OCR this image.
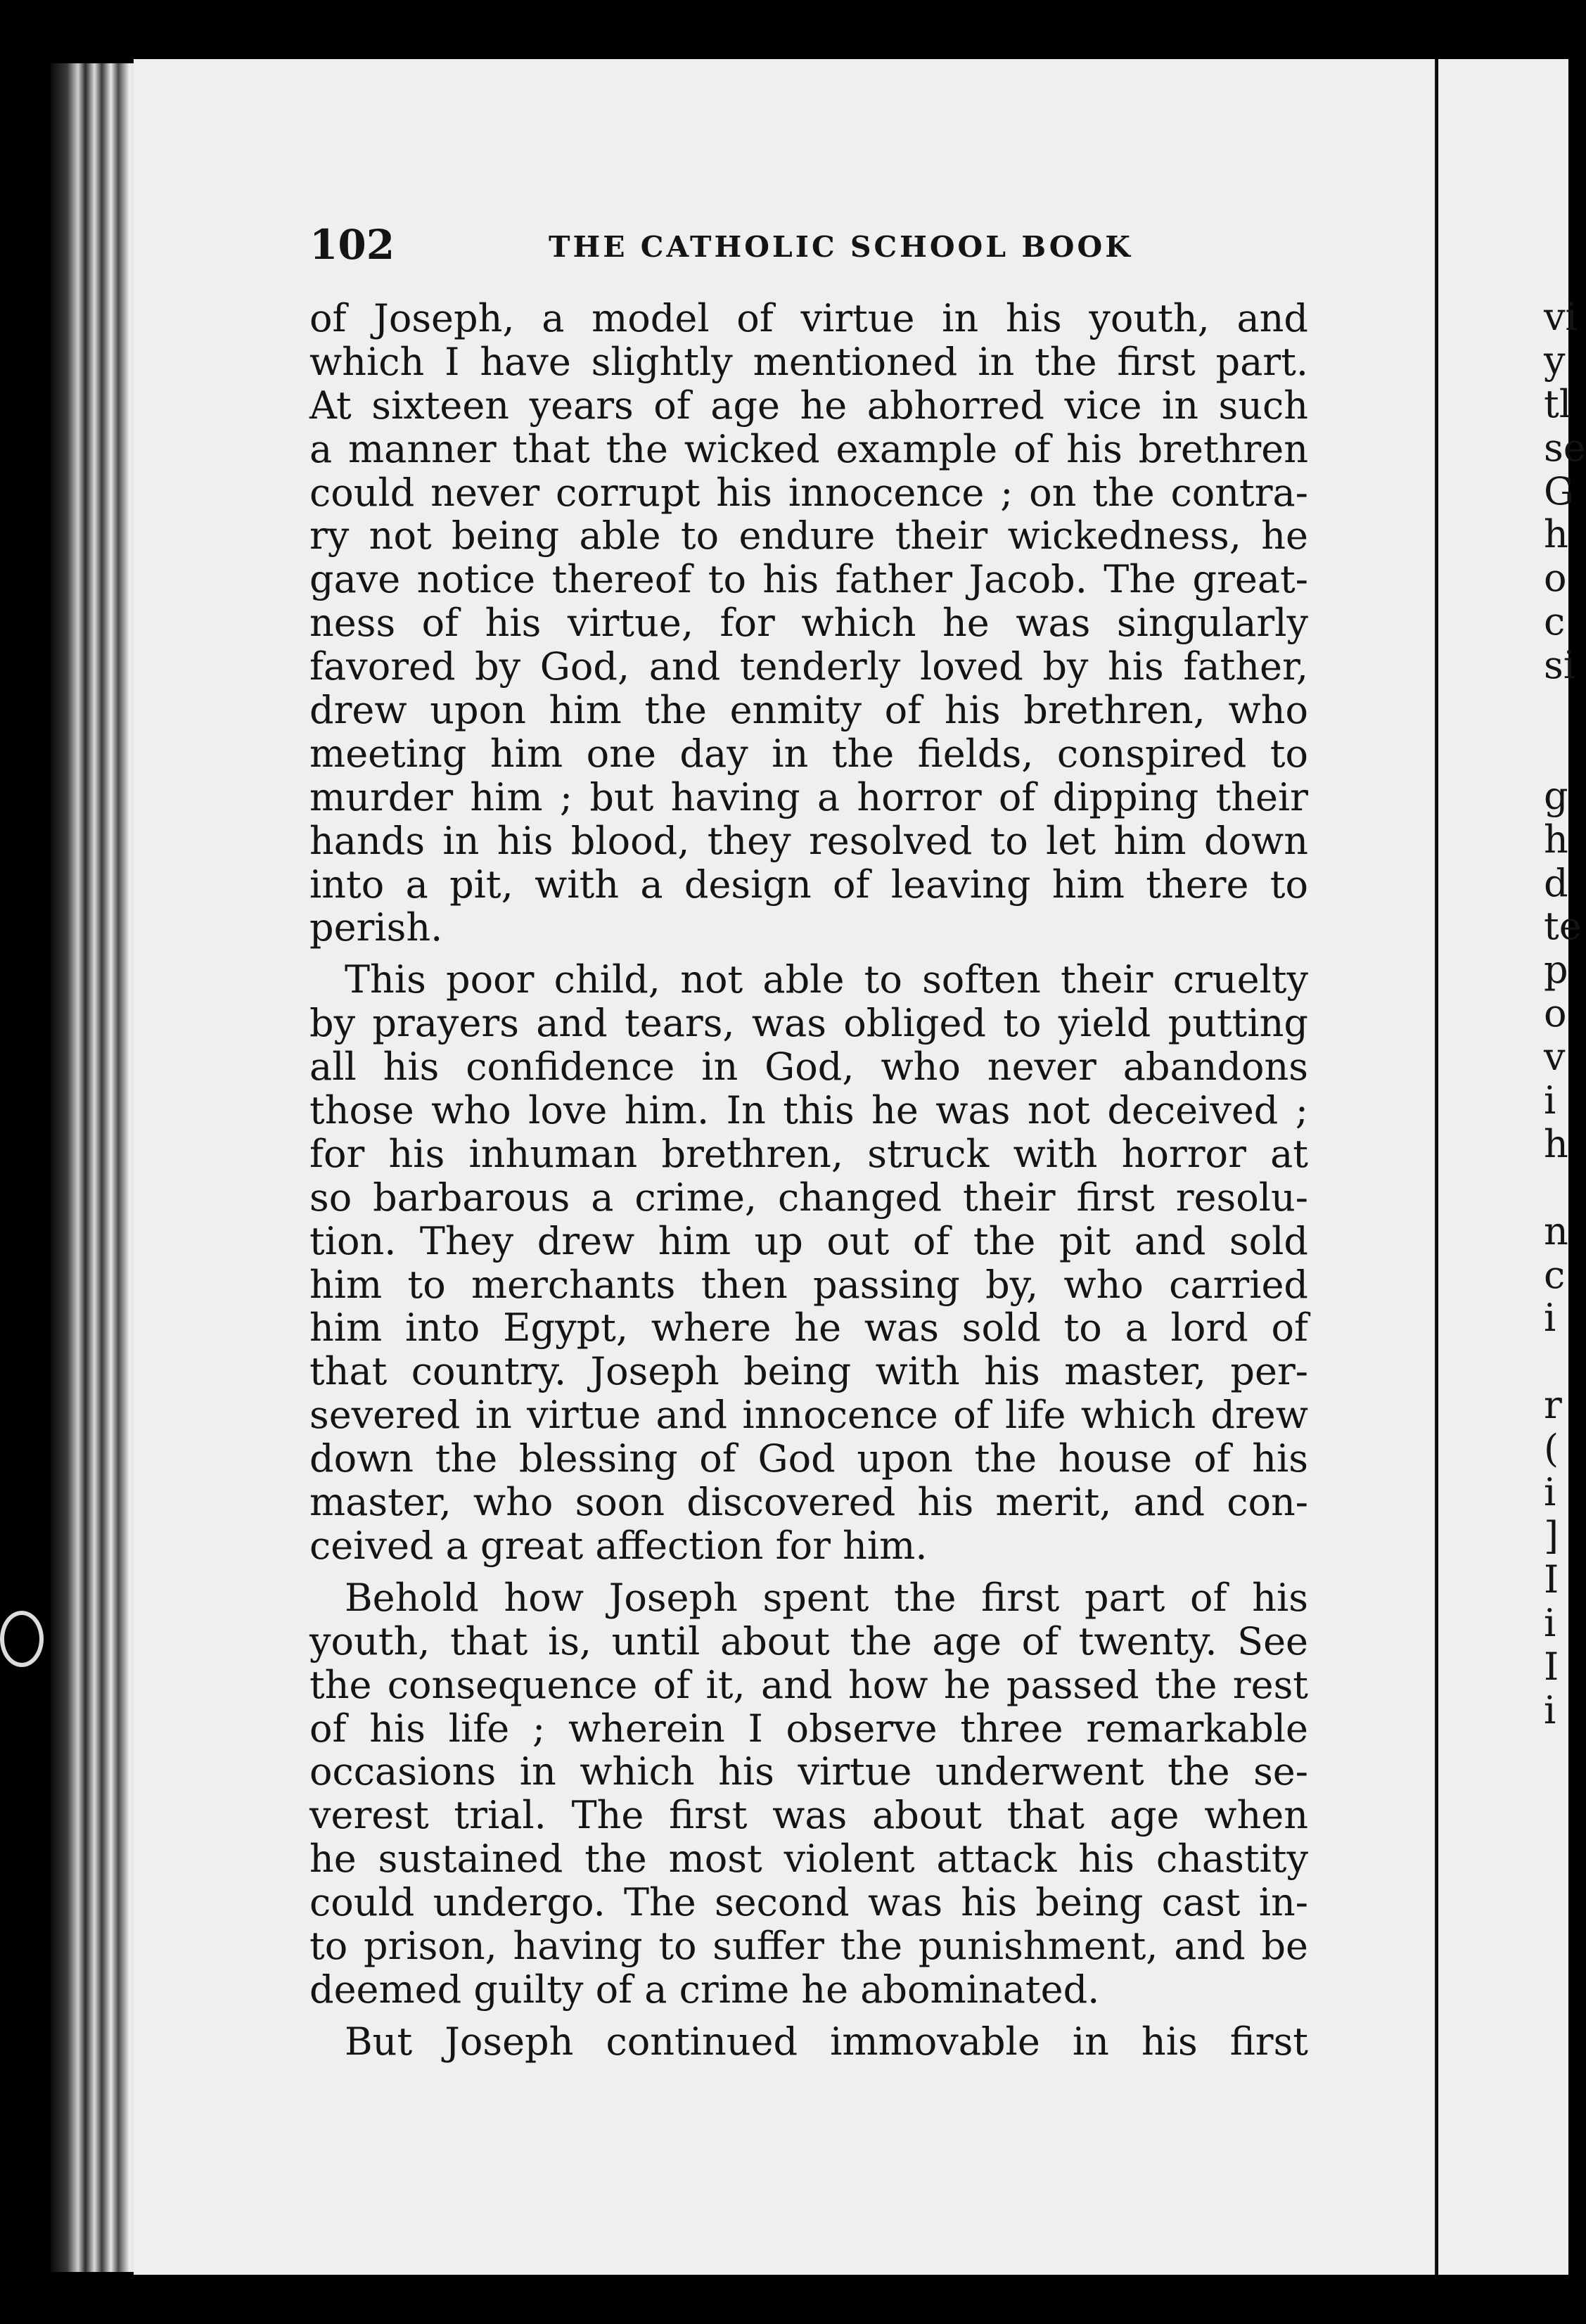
102	THE CATHOLIC SCHOOL BOOK
of Joseph, a model of virtue in his youth, and
which I have slightly mentioned in the first part.
At sixteen years of age he abhorred vice in such
a manner that the wicked example of his brethren
could never corrupt his innocence ; on the contra-
ry not being able to endure their wickedness, he
gave notice thereof to his father Jacob. The great-
ness of his virtue, for which he was singularly
favored by God, and tenderly loved by his father,
drew upon him the enmity of his brethren, who
meeting him one day in the fields, conspired to
murder him ; but having a horror of dipping their
hands in his blood, they resolved to let him down
into a pit, with a design of leaving him there to
perish.
This poor child, not able to soften their cruelty
by prayers and tears, was obliged to yield putting
all his confidence in God, who never abandons
those who love him. In this he was not deceived ;
for his inhuman brethren, struck with horror at
so barbarous a crime, changed their first resolu-
tion. They drew him up out of the pit and sold
him to merchants then passing by, who carried
him into Egypt, where he was sold to a lord of
that country. Joseph being with his master, per-
severed in virtue and innocence of life which drew
down the blessing of God upon the house of his
master, who soon discovered his merit, and con-
ceived a great affection for him.
Behold how Joseph spent the first part of his
youth, that is, until about the age of twenty. See
the consequence of it, and how he passed the rest
of his life ; wherein I observe three remarkable
occasions in which his virtue underwent the se-
verest trial. The first was about that age when
he sustained the most violent attack his chastity
could undergo. The second was his being cast in-
to prison, having to suffer the punishment, and be
deemed guilty of a crime he abominated.
But Joseph continued immovable in his first
vi
y
tl
se
G
h
o
c
si
g
h
d
te
p
o
v
i
h
n
c
i
r
(
i
]
I
i
I
i
